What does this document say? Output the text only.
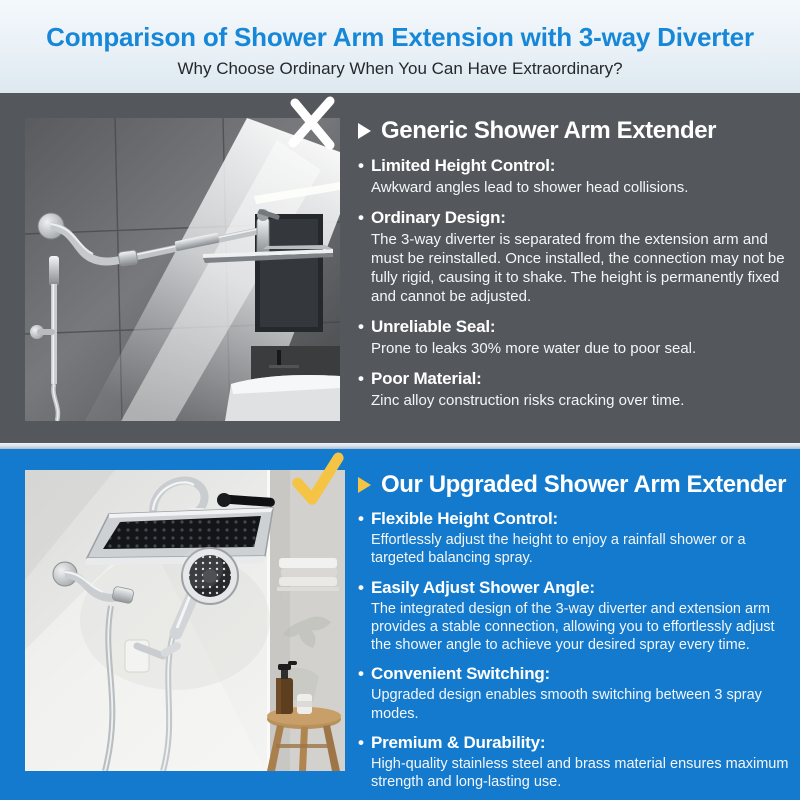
Comparison of Shower Arm Extension with 3-way Diverter

Why Choose Ordinary When You Can Have Extraordinary?

Generic Shower Arm Extender
• Limited Height Control:
Awkward angles lead to shower head collisions.
• Ordinary Design:
The 3-way diverter is separated from the extension arm and must be reinstalled. Once installed, the connection may not be fully rigid, causing it to shake. The height is permanently fixed and cannot be adjusted.
• Unreliable Seal:
Prone to leaks 30% more water due to poor seal.
• Poor Material:
Zinc alloy construction risks cracking over time.
Our Upgraded Shower Arm Extender
• Flexible Height Control:
Effortlessly adjust the height to enjoy a rainfall shower or a targeted balancing spray.
• Easily Adjust Shower Angle:
The integrated design of the 3-way diverter and extension arm provides a stable connection, allowing you to effortlessly adjust the shower angle to achieve your desired spray every time.
• Convenient Switching:
Upgraded design enables smooth switching between 3 spray modes.
• Premium & Durability:
High-quality stainless steel and brass material ensures maximum strength and long-lasting use.
